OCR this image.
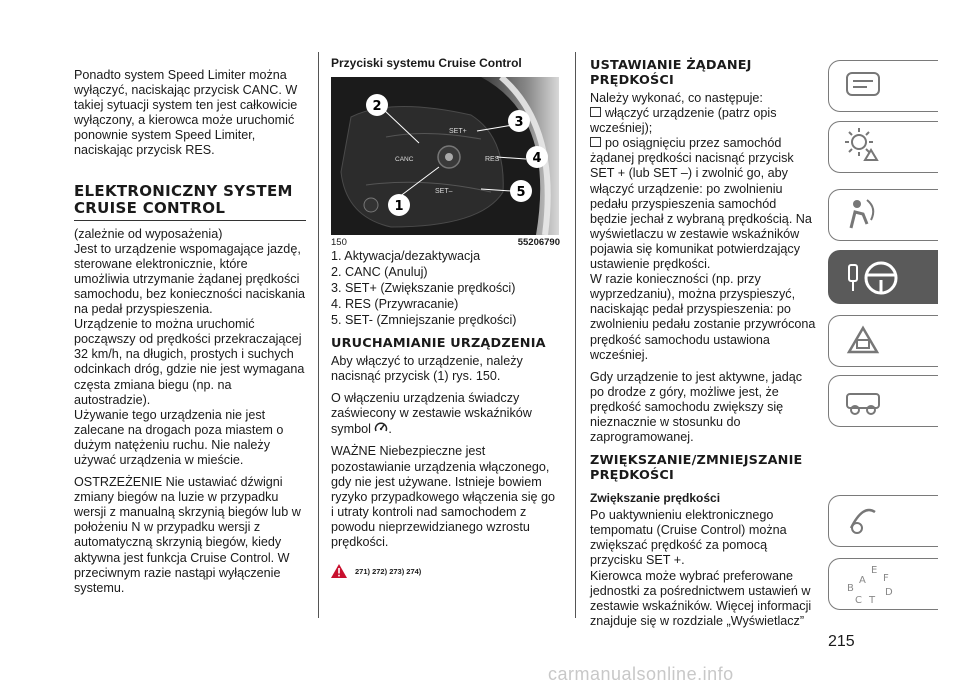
Ponadto system Speed Limiter można wyłączyć, naciskając przycisk CANC. W takiej sytuacji system ten jest całkowicie wyłączony, a kierowca może uruchomić ponownie system Speed Limiter, naciskając przycisk RES.

ELEKTRONICZNY SYSTEM CRUISE CONTROL

(zależnie od wyposażenia)

Jest to urządzenie wspomagające jazdę, sterowane elektronicznie, które umożliwia utrzymanie żądanej prędkości samochodu, bez konieczności naciskania na pedał przyspieszenia.

Urządzenie to można uruchomić począwszy od prędkości przekraczającej 32 km/h, na długich, prostych i suchych odcinkach dróg, gdzie nie jest wymagana częsta zmiana biegu (np. na autostradzie).

Używanie tego urządzenia nie jest zalecane na drogach poza miastem o dużym natężeniu ruchu. Nie należy używać urządzenia w mieście.

OSTRZEŻENIE Nie ustawiać dźwigni zmiany biegów na luzie w przypadku wersji z manualną skrzynią biegów lub w położeniu N w przypadku wersji z automatyczną skrzynią biegów, kiedy aktywna jest funkcja Cruise Control. W przeciwnym razie nastąpi wyłączenie systemu.

Przyciski systemu Cruise Control
SET+
CANC	RES
SET–
2
3
4
5
1
150	55206790
1. Aktywacja/dezaktywacja
2. CANC (Anuluj)
3. SET+ (Zwiększanie prędkości)
4. RES (Przywracanie)
5. SET- (Zmniejszanie prędkości)
URUCHAMIANIE URZĄDZENIA

Aby włączyć to urządzenie, należy nacisnąć przycisk (1) rys. 150.

O włączeniu urządzenia świadczy zaświecony w zestawie wskaźników symbol .

WAŻNE Niebezpieczne jest pozostawianie urządzenia włączonego, gdy nie jest używane. Istnieje bowiem ryzyko przypadkowego włączenia się go i utraty kontroli nad samochodem z powodu nieprzewidzianego wzrostu prędkości.

271) 272) 273) 274)
USTAWIANIE ŻĄDANEJ PRĘDKOŚCI

Należy wykonać, co następuje:

włączyć urządzenie (patrz opis wcześniej);

po osiągnięciu przez samochód żądanej prędkości nacisnąć przycisk SET + (lub SET –) i zwolnić go, aby włączyć urządzenie: po zwolnieniu pedału przyspieszenia samochód będzie jechał z wybraną prędkością. Na wyświetlaczu w zestawie wskaźników pojawia się komunikat potwierdzający ustawienie prędkości.

W razie konieczności (np. przy wyprzedzaniu), można przyspieszyć, naciskając pedał przyspieszenia: po zwolnieniu pedału zostanie przywrócona prędkość samochodu ustawiona wcześniej.

Gdy urządzenie to jest aktywne, jadąc po drodze z góry, możliwe jest, że prędkość samochodu zwiększy się nieznacznie w stosunku do zaprogramowanej.

ZWIĘKSZANIE/ZMNIEJSZANIE PRĘDKOŚCI
Zwiększanie prędkości

Po uaktywnieniu elektronicznego tempomatu (Cruise Control) można zwiększać prędkość za pomocą przycisku SET +.

Kierowca może wybrać preferowane jednostki za pośrednictwem ustawień w zestawie wskaźników. Więcej informacji znajduje się w rozdziale „Wyświetlacz”

E
A F
B	D
C T
215
carmanualsonline.info
